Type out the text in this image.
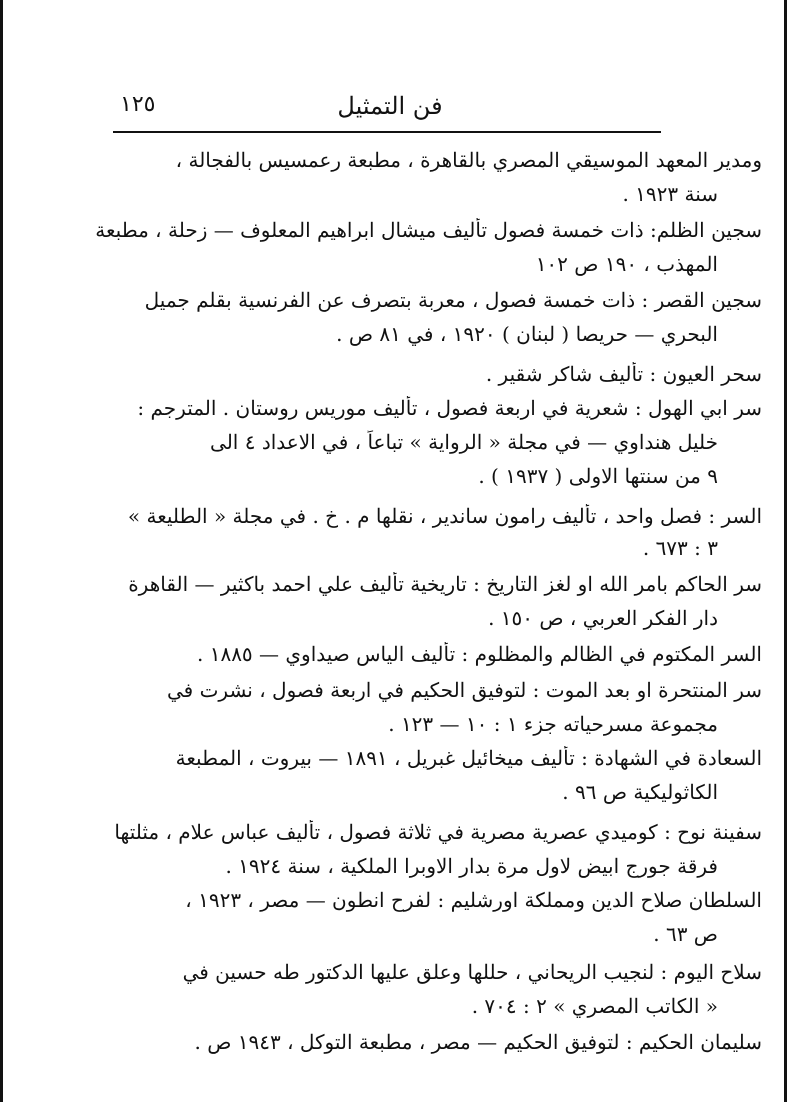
فن التمثيل
١٢٥
ومدير المعهد الموسيقي المصري بالقاهرة ، مطبعة رعمسيس بالفجالة ،
سنة ١٩٢٣ .
سجين الظلم: ذات خمسة فصول تأليف ميشال ابراهيم المعلوف — زحلة ، مطبعة
المهذب ، ١٩٠ ص ١٠٢
سجين القصر : ذات خمسة فصول ، معربة بتصرف عن الفرنسية بقلم جميل
البحري — حريصا ( لبنان ) ١٩٢٠ ، في ٨١ ص .
سحر العيون : تأليف شاكر شقير .
سر ابي الهول : شعرية في اربعة فصول ، تأليف موريس روستان . المترجم :
خليل هنداوي — في مجلة « الرواية » تباعاً ، في الاعداد ٤ الى
٩ من سنتها الاولى ( ١٩٣٧ ) .
السر : فصل واحد ، تأليف رامون ساندير ، نقلها م . خ . في مجلة « الطليعة »
٣ : ٦٧٣ .
سر الحاكم بامر الله او لغز التاريخ : تاريخية تأليف علي احمد باكثير — القاهرة
دار الفكر العربي ، ص ١٥٠ .
السر المكتوم في الظالم والمظلوم : تأليف الياس صيداوي — ١٨٨٥ .
سر المنتحرة او بعد الموت : لتوفيق الحكيم في اربعة فصول ، نشرت في
مجموعة مسرحياته جزء ١ : ١٠ — ١٢٣ .
السعادة في الشهادة : تأليف ميخائيل غبريل ، ١٨٩١ — بيروت ، المطبعة
الكاثوليكية ص ٩٦ .
سفينة نوح : كوميدي عصرية مصرية في ثلاثة فصول ، تأليف عباس علام ، مثلتها
فرقة جورج ابيض لاول مرة بدار الاوبرا الملكية ، سنة ١٩٢٤ .
السلطان صلاح الدين ومملكة اورشليم : لفرح انطون — مصر ، ١٩٢٣ ،
ص ٦٣ .
سلاح اليوم : لنجيب الريحاني ، حللها وعلق عليها الدكتور طه حسين في
« الكاتب المصري » ٢ : ٧٠٤ .
سليمان الحكيم : لتوفيق الحكيم — مصر ، مطبعة التوكل ، ١٩٤٣ ص .
